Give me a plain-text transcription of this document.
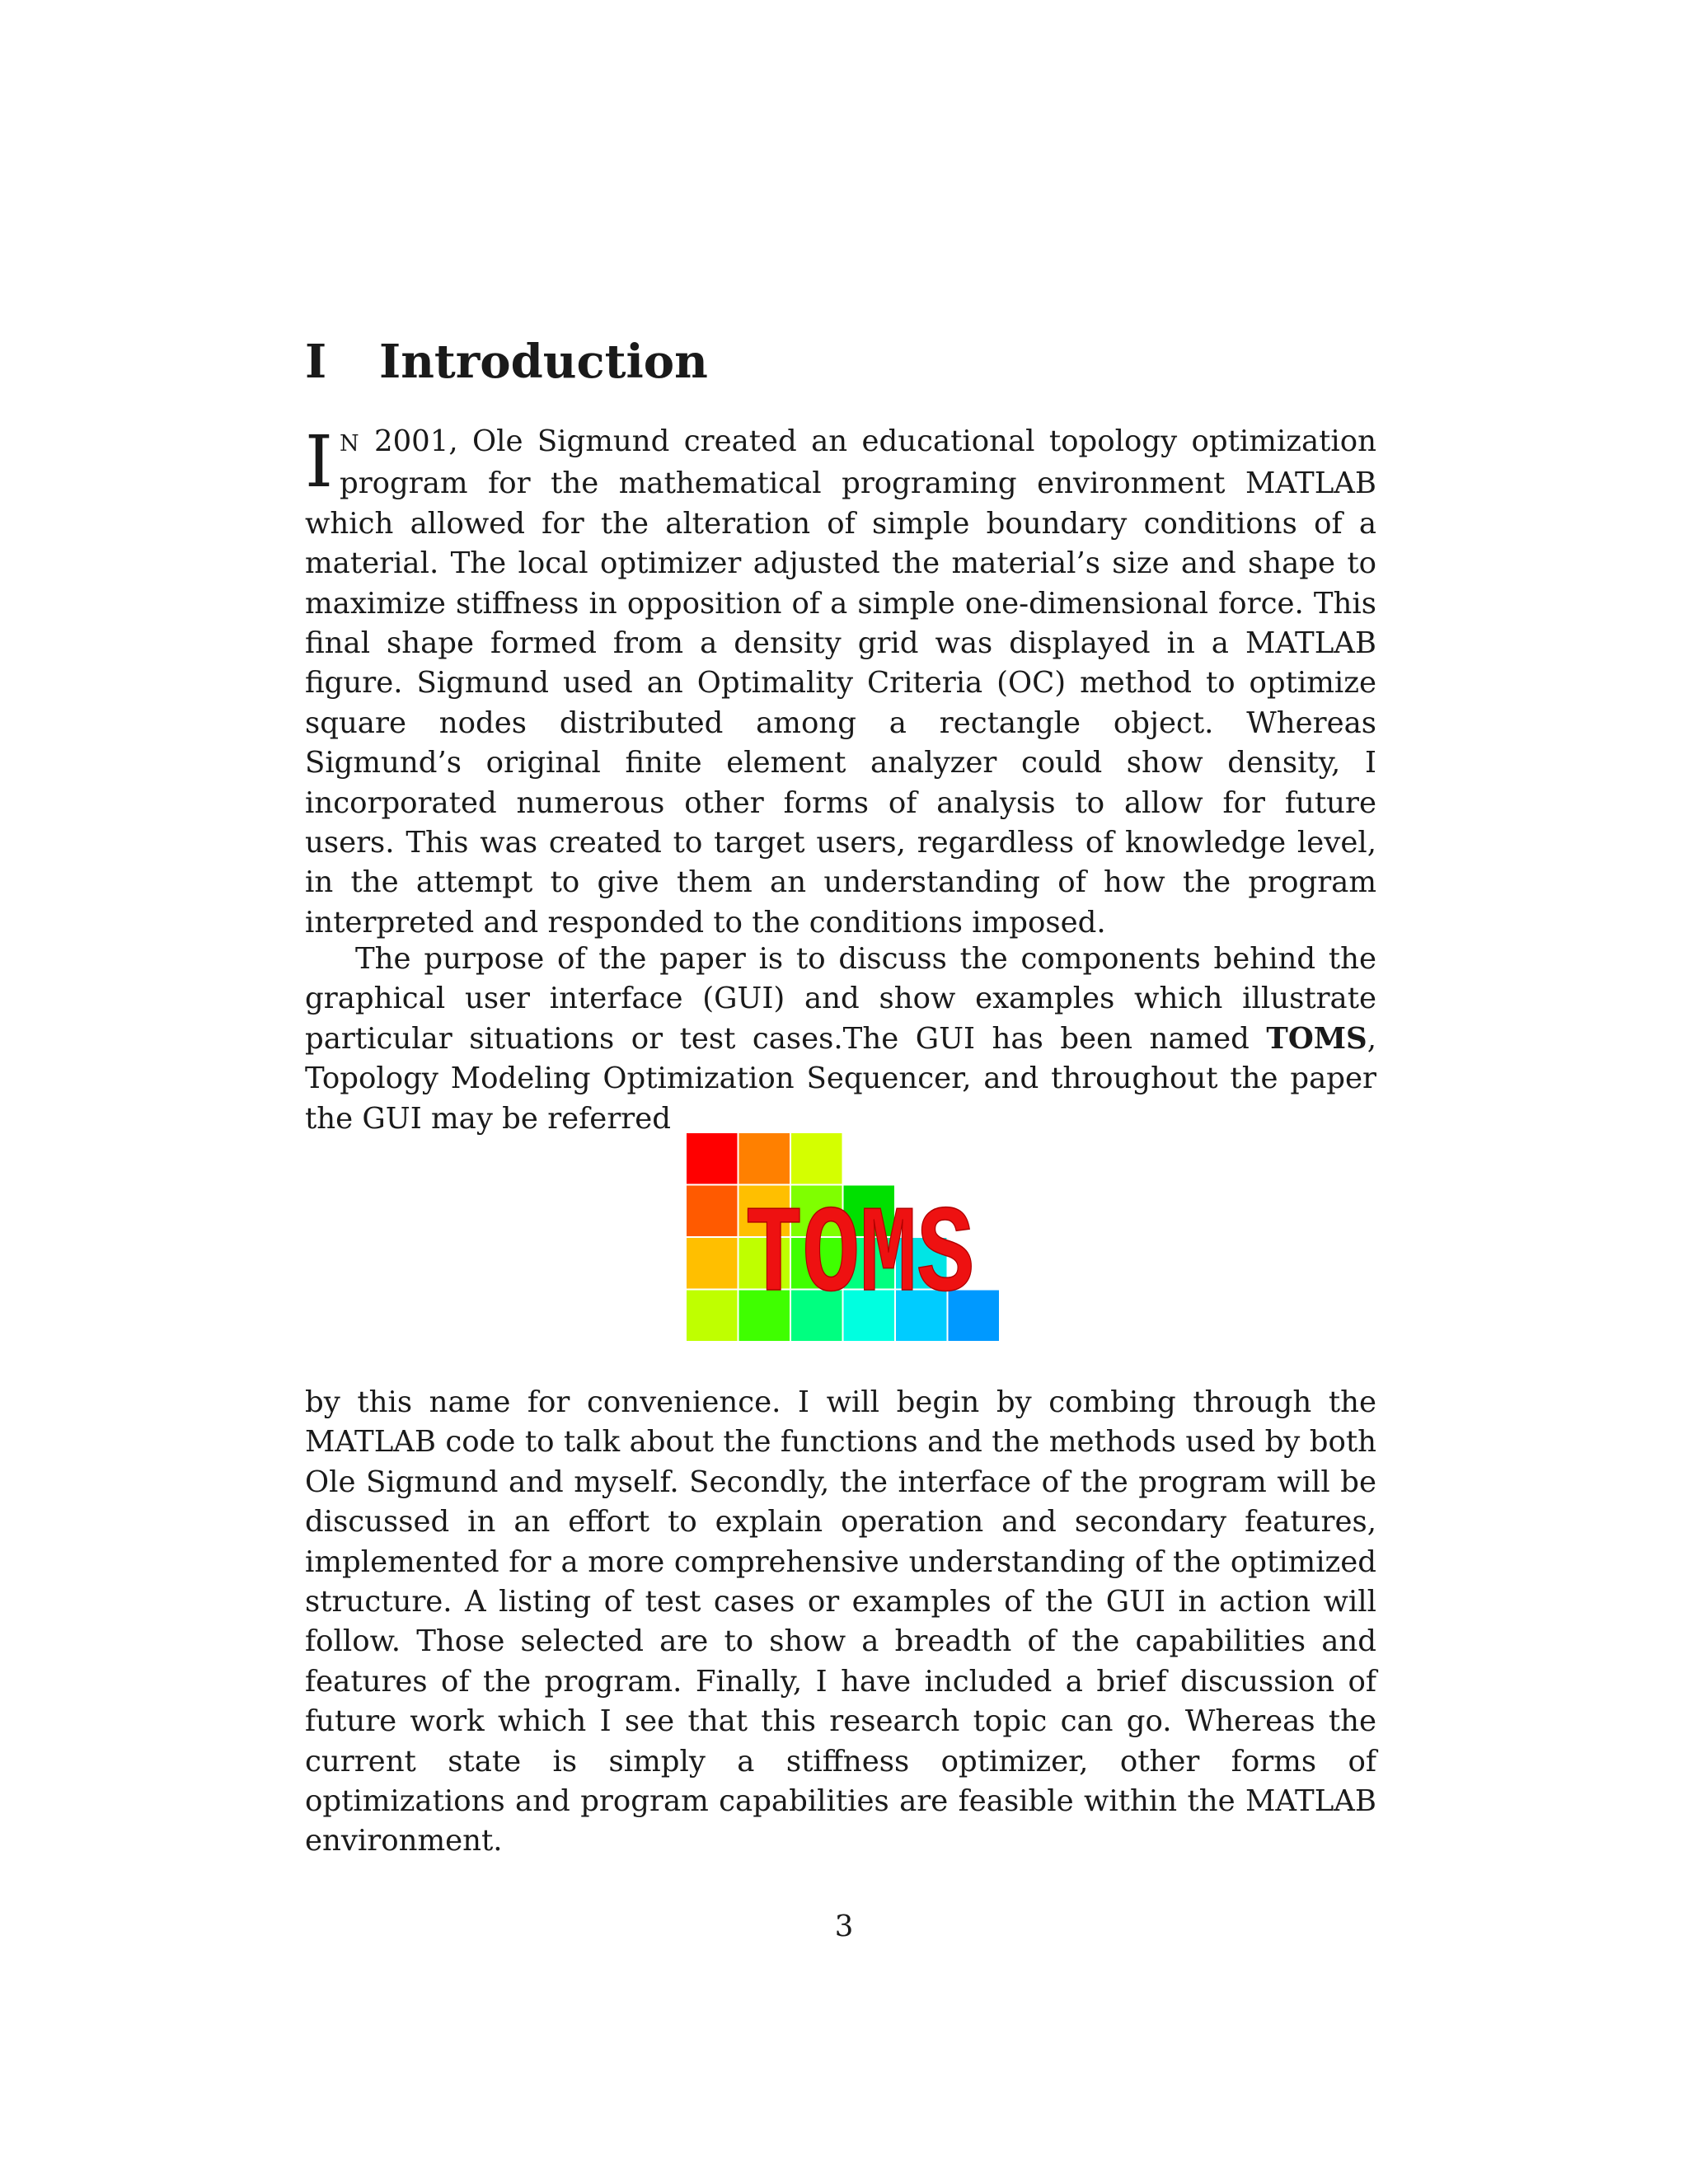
I Introduction

I N 2001, Ole Sigmund created an educational topology optimization program for the mathematical programing environment MATLAB which allowed for the alteration of simple boundary conditions of a material. The local optimizer adjusted the material’s size and shape to maximize stiffness in opposition of a simple one-dimensional force. This final shape formed from a density grid was displayed in a MATLAB figure. Sigmund used an Optimality Criteria (OC) method to optimize square nodes distributed among a rectangle object. Whereas Sigmund’s original finite element analyzer could show density, I incorporated numerous other forms of analysis to allow for future users. This was created to target users, regardless of knowledge level, in the attempt to give them an understanding of how the program interpreted and responded to the conditions imposed.

The purpose of the paper is to discuss the components behind the graphical user interface (GUI) and show examples which illustrate particular situations or test cases.The GUI has been named TOMS, Topology Modeling Optimization Sequencer, and throughout the paper the GUI may be referred

TOMS

by this name for convenience. I will begin by combing through the MATLAB code to talk about the functions and the methods used by both Ole Sigmund and myself. Secondly, the interface of the program will be discussed in an effort to explain operation and secondary features, implemented for a more comprehensive understanding of the optimized structure. A listing of test cases or examples of the GUI in action will follow. Those selected are to show a breadth of the capabilities and features of the program. Finally, I have included a brief discussion of future work which I see that this research topic can go. Whereas the current state is simply a stiffness optimizer, other forms of optimizations and program capabilities are feasible within the MATLAB environment.

3
